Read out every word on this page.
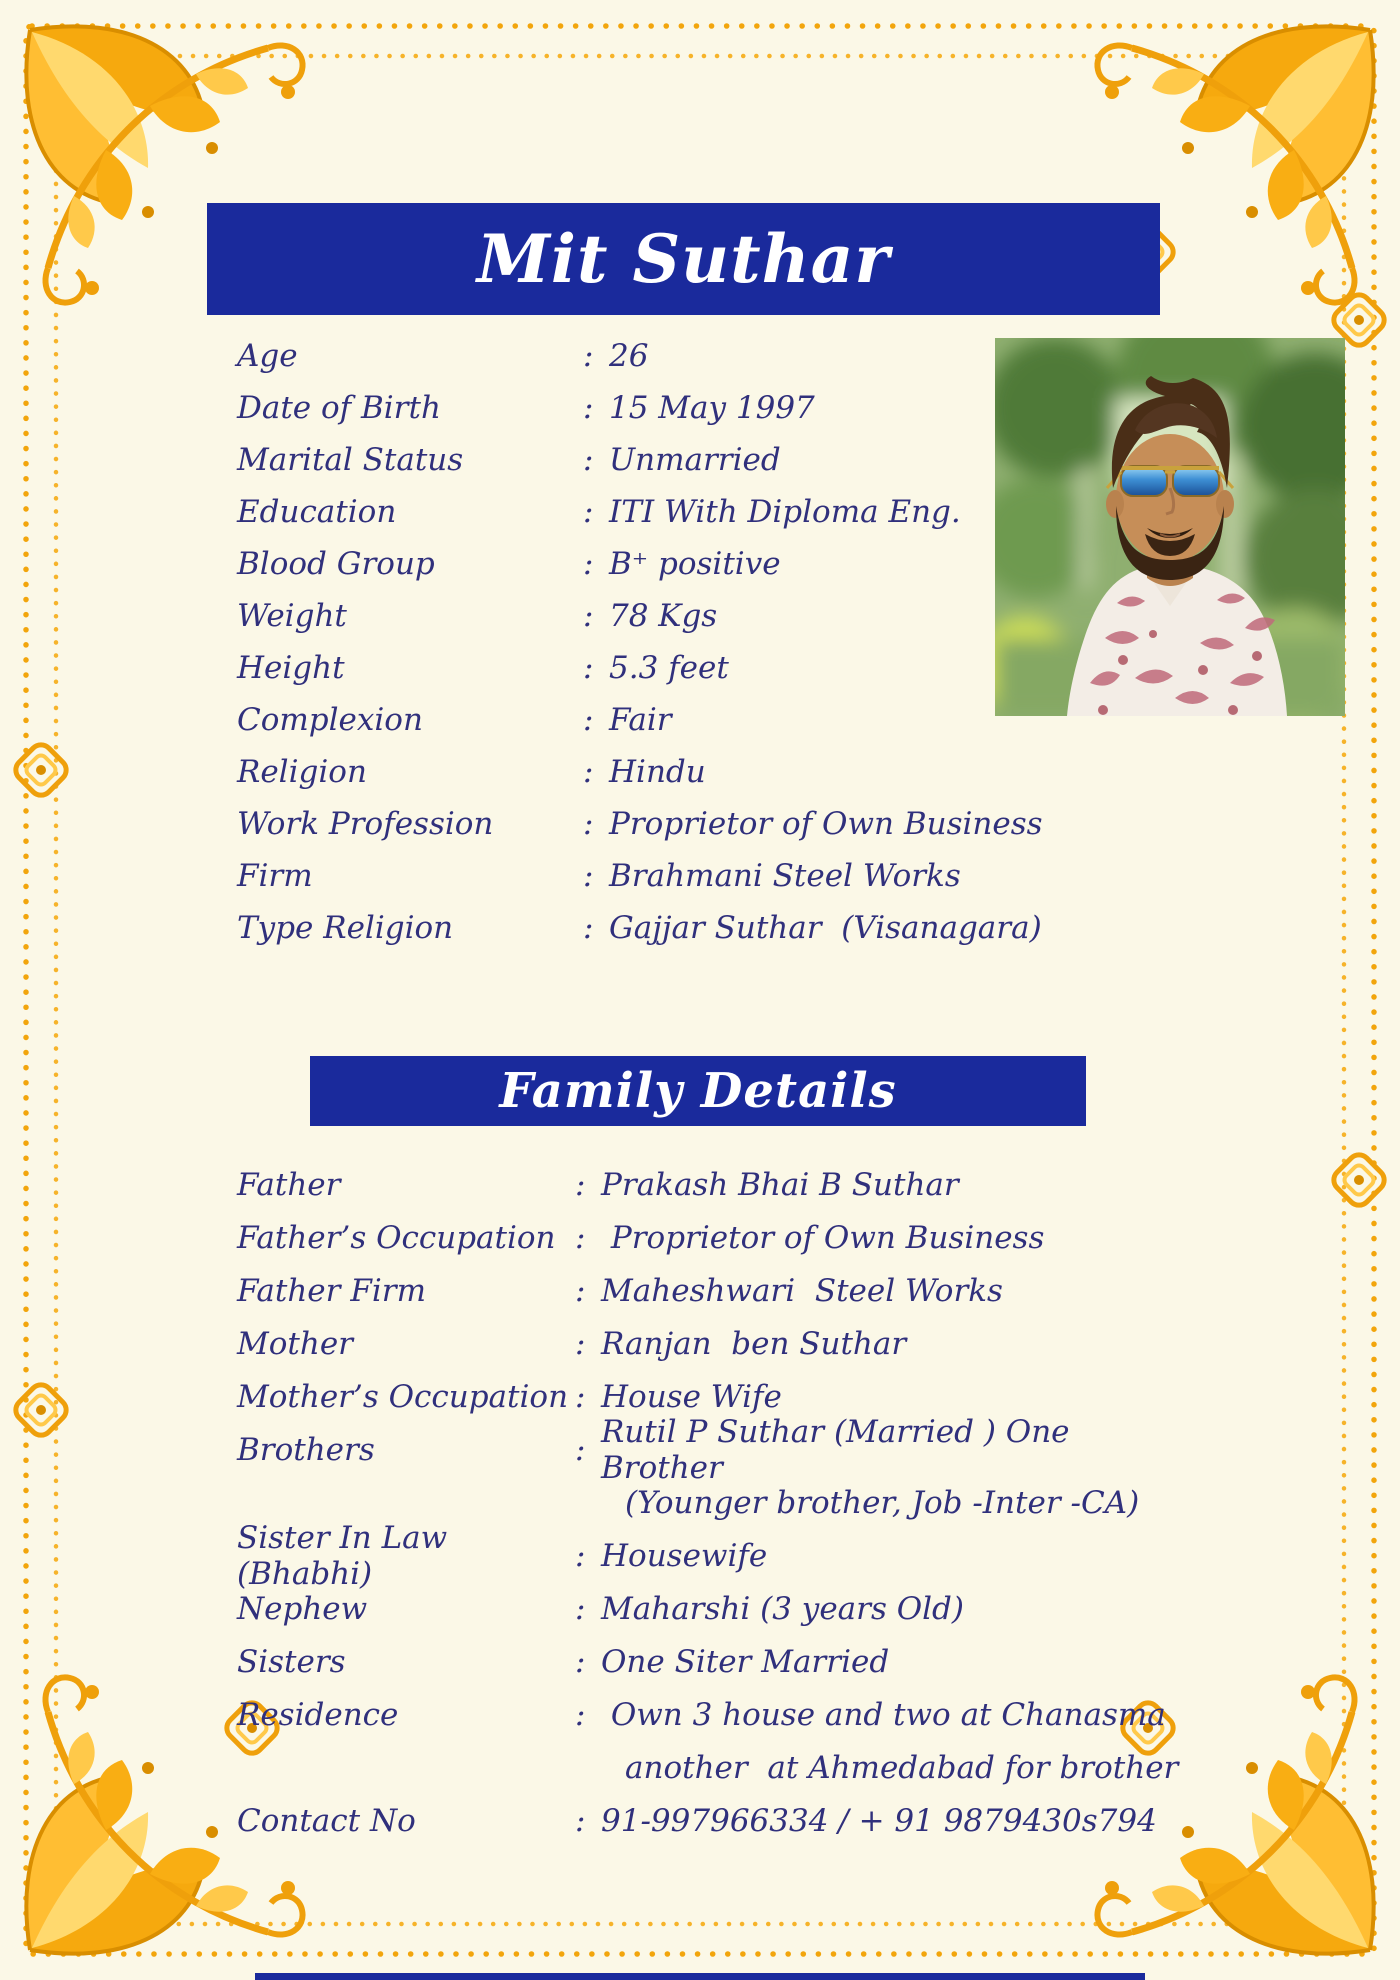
Mit Suthar
Age	: 26
Date of Birth	: 15 May 1997
Marital Status	: Unmarried
Education	: ITI With Diploma Eng.
Blood Group	: B⁺ positive
Weight	: 78 Kgs
Height	: 5.3 feet
Complexion	: Fair
Religion	: Hindu
Work Profession	: Proprietor of Own Business
Firm	: Brahmani Steel Works
Type Religion	: Gajjar Suthar  (Visanagara)
Family Details
Father	: Prakash Bhai B Suthar
Father’s Occupation : Proprietor of Own Business
Father Firm	: Maheshwari  Steel Works
Mother	: Ranjan  ben Suthar
Mother’s Occupation : House Wife
Brothers	: Rutil P Suthar (Married ) One  Brother
(Younger brother, Job -Inter -CA)
Sister In Law (Bhabhi)	: Housewife
Nephew	: Maharshi (3 years Old)
Sisters	: One Siter Married
Residence	: Own 3 house and two at Chanasma
another  at Ahmedabad for brother
Contact No	: 91-997966334 / + 91 9879430s794
